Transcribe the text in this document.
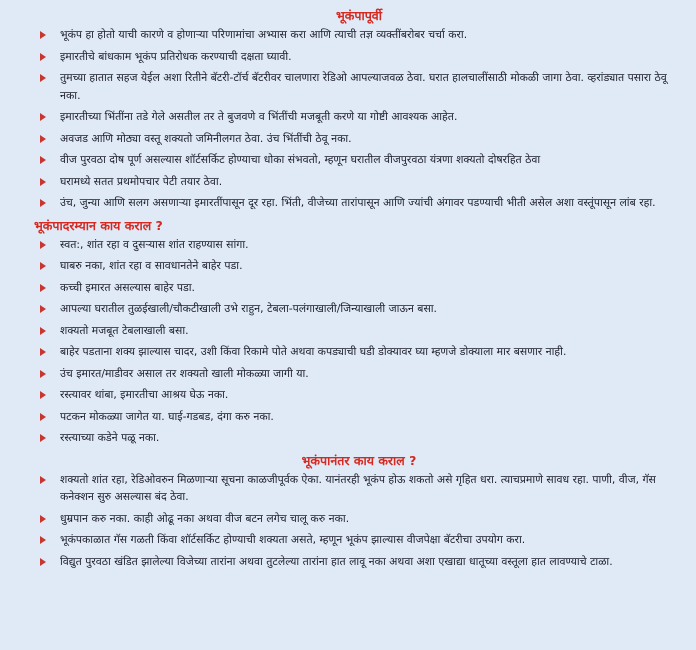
भूकंपापूर्वी
भूकंप हा होतो याची कारणे व होणाऱ्या परिणामांचा अभ्यास करा आणि त्याची तज्ञ व्यक्तींबरोबर चर्चा करा.
इमारतीचे बांधकाम भूकंप प्रतिरोधक करण्याची दक्षता घ्यावी.
तुमच्या हातात सहज येईल अशा रितीने बॅटरी-टॉर्च बॅटरीवर चालणारा रेडिओ आपल्याजवळ ठेवा. घरात हालचालींसाठी मोकळी जागा ठेवा. व्हरांड्यात पसारा ठेवू नका.
इमारतीच्या भिंतींना तडे गेले असतील तर ते बुजवणे व भिंतींची मजबूती करणे या गोष्टी आवश्यक आहेत.
अवजड आणि मोठ्या वस्तू शक्यतो जमिनीलगत ठेवा. उंच भिंतींची ठेवू नका.
वीज पुरवठा दोष पूर्ण असल्यास शॉर्टसर्किट होण्याचा धोका संभवतो, म्हणून घरातील वीजपुरवठा यंत्रणा शक्यतो दोषरहित ठेवा
घरामध्ये सतत प्रथमोपचार पेटी तयार ठेवा.
उंच, जुन्या आणि सलग असणाऱ्या इमारतींपासून दूर रहा. भिंती, वीजेच्या तारांपासून आणि ज्यांची अंगावर पडण्याची भीती असेल अशा वस्तूंपासून लांब रहा.
भूकंपादरम्यान काय कराल ?
स्वत:, शांत रहा व दुसऱ्यास शांत राहण्यास सांगा.
घाबरु नका, शांत रहा व सावधानतेने बाहेर पडा.
कच्ची इमारत असल्यास बाहेर पडा.
आपल्या घरातील तुळईखाली/चौकटीखाली उभे राहुन, टेबला-पलंगाखाली/जिन्याखाली जाऊन बसा.
शक्यतो मजबूत टेबलाखाली बसा.
बाहेर पडताना शक्य झाल्यास चादर, उशी किंवा रिकामे पोते अथवा कपड्याची घडी डोक्यावर घ्या म्हणजे डोक्याला मार बसणार नाही.
उंच इमारत/माडीवर असाल तर शक्यतो खाली मोकळ्या जागी या.
रस्त्यावर थांबा, इमारतीचा आश्रय घेऊ नका.
पटकन मोकळ्या जागेत या. घाई-गडबड, दंगा करु नका.
रस्त्याच्या कडेने पळू नका.
भूकंपानंतर काय कराल ?
शक्यतो शांत रहा, रेडिओवरुन मिळणाऱ्या सूचना काळजीपूर्वक ऐका. यानंतरही भूकंप होऊ शकतो असे गृहित धरा. त्याचप्रमाणे सावध रहा. पाणी, वीज, गॅस कनेक्शन सुरु असल्यास बंद ठेवा.
धुम्रपान करु नका. काही ओढू नका अथवा वीज बटन लगेच चालू करु नका.
भूकंपकाळात गॅस गळती किंवा शॉर्टसर्किट होण्याची शक्यता असते, म्हणून भूकंप झाल्यास वीजपेक्षा बॅटरीचा उपयोग करा.
विद्युत पुरवठा खंडित झालेल्या विजेच्या तारांना अथवा तुटलेल्या तारांना हात लावू नका अथवा अशा एखाद्या धातूच्या वस्तूला हात लावण्याचे टाळा.
